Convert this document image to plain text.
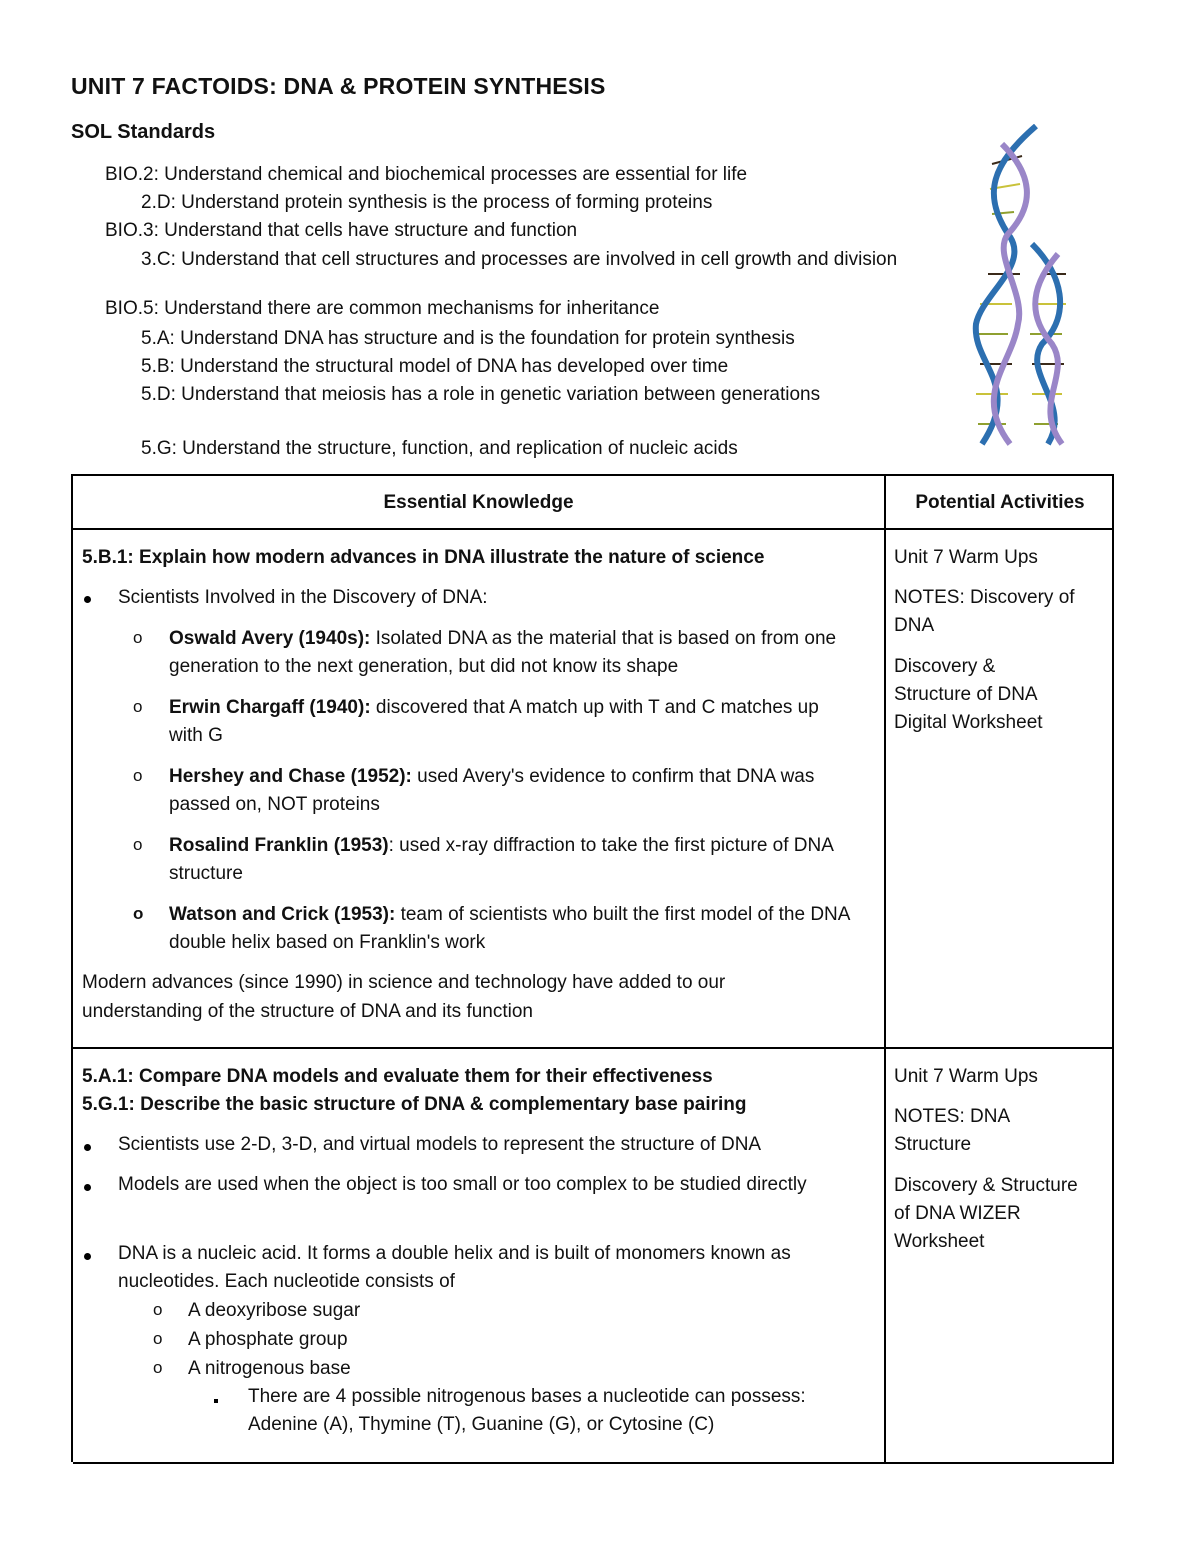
UNIT 7 FACTOIDS: DNA & PROTEIN SYNTHESIS
SOL Standards
BIO.2: Understand chemical and biochemical processes are essential for life
2.D: Understand protein synthesis is the process of forming proteins
BIO.3: Understand that cells have structure and function
3.C: Understand that cell structures and processes are involved in cell growth and division
BIO.5: Understand there are common mechanisms for inheritance
5.A: Understand DNA has structure and is the foundation for protein synthesis
5.B: Understand the structural model of DNA has developed over time
5.D: Understand that meiosis has a role in genetic variation between generations
5.G: Understand the structure, function, and replication of nucleic acids
Essential Knowledge	Potential Activities
5.B.1: Explain how modern advances in DNA illustrate the nature of science
Scientists Involved in the Discovery of DNA:
o Oswald Avery (1940s): Isolated DNA as the material that is based on from one generation to the next generation, but did not know its shape
o Erwin Chargaff (1940): discovered that A match up with T and C matches up with G
o Hershey and Chase (1952): used Avery's evidence to confirm that DNA was passed on, NOT proteins
o Rosalind Franklin (1953): used x-ray diffraction to take the first picture of DNA structure
o Watson and Crick (1953): team of scientists who built the first model of the DNA double helix based on Franklin's work
Modern advances (since 1990) in science and technology have added to our understanding of the structure of DNA and its function
Unit 7 Warm Ups
NOTES: Discovery of DNA
Discovery & Structure of DNA Digital Worksheet
5.A.1: Compare DNA models and evaluate them for their effectiveness
5.G.1: Describe the basic structure of DNA & complementary base pairing
Scientists use 2-D, 3-D, and virtual models to represent the structure of DNA
Models are used when the object is too small or too complex to be studied directly
DNA is a nucleic acid. It forms a double helix and is built of monomers known as nucleotides. Each nucleotide consists of
o A deoxyribose sugar
o A phosphate group
o A nitrogenous base
There are 4 possible nitrogenous bases a nucleotide can possess: Adenine (A), Thymine (T), Guanine (G), or Cytosine (C)
Unit 7 Warm Ups
NOTES: DNA Structure
Discovery & Structure of DNA WIZER Worksheet
